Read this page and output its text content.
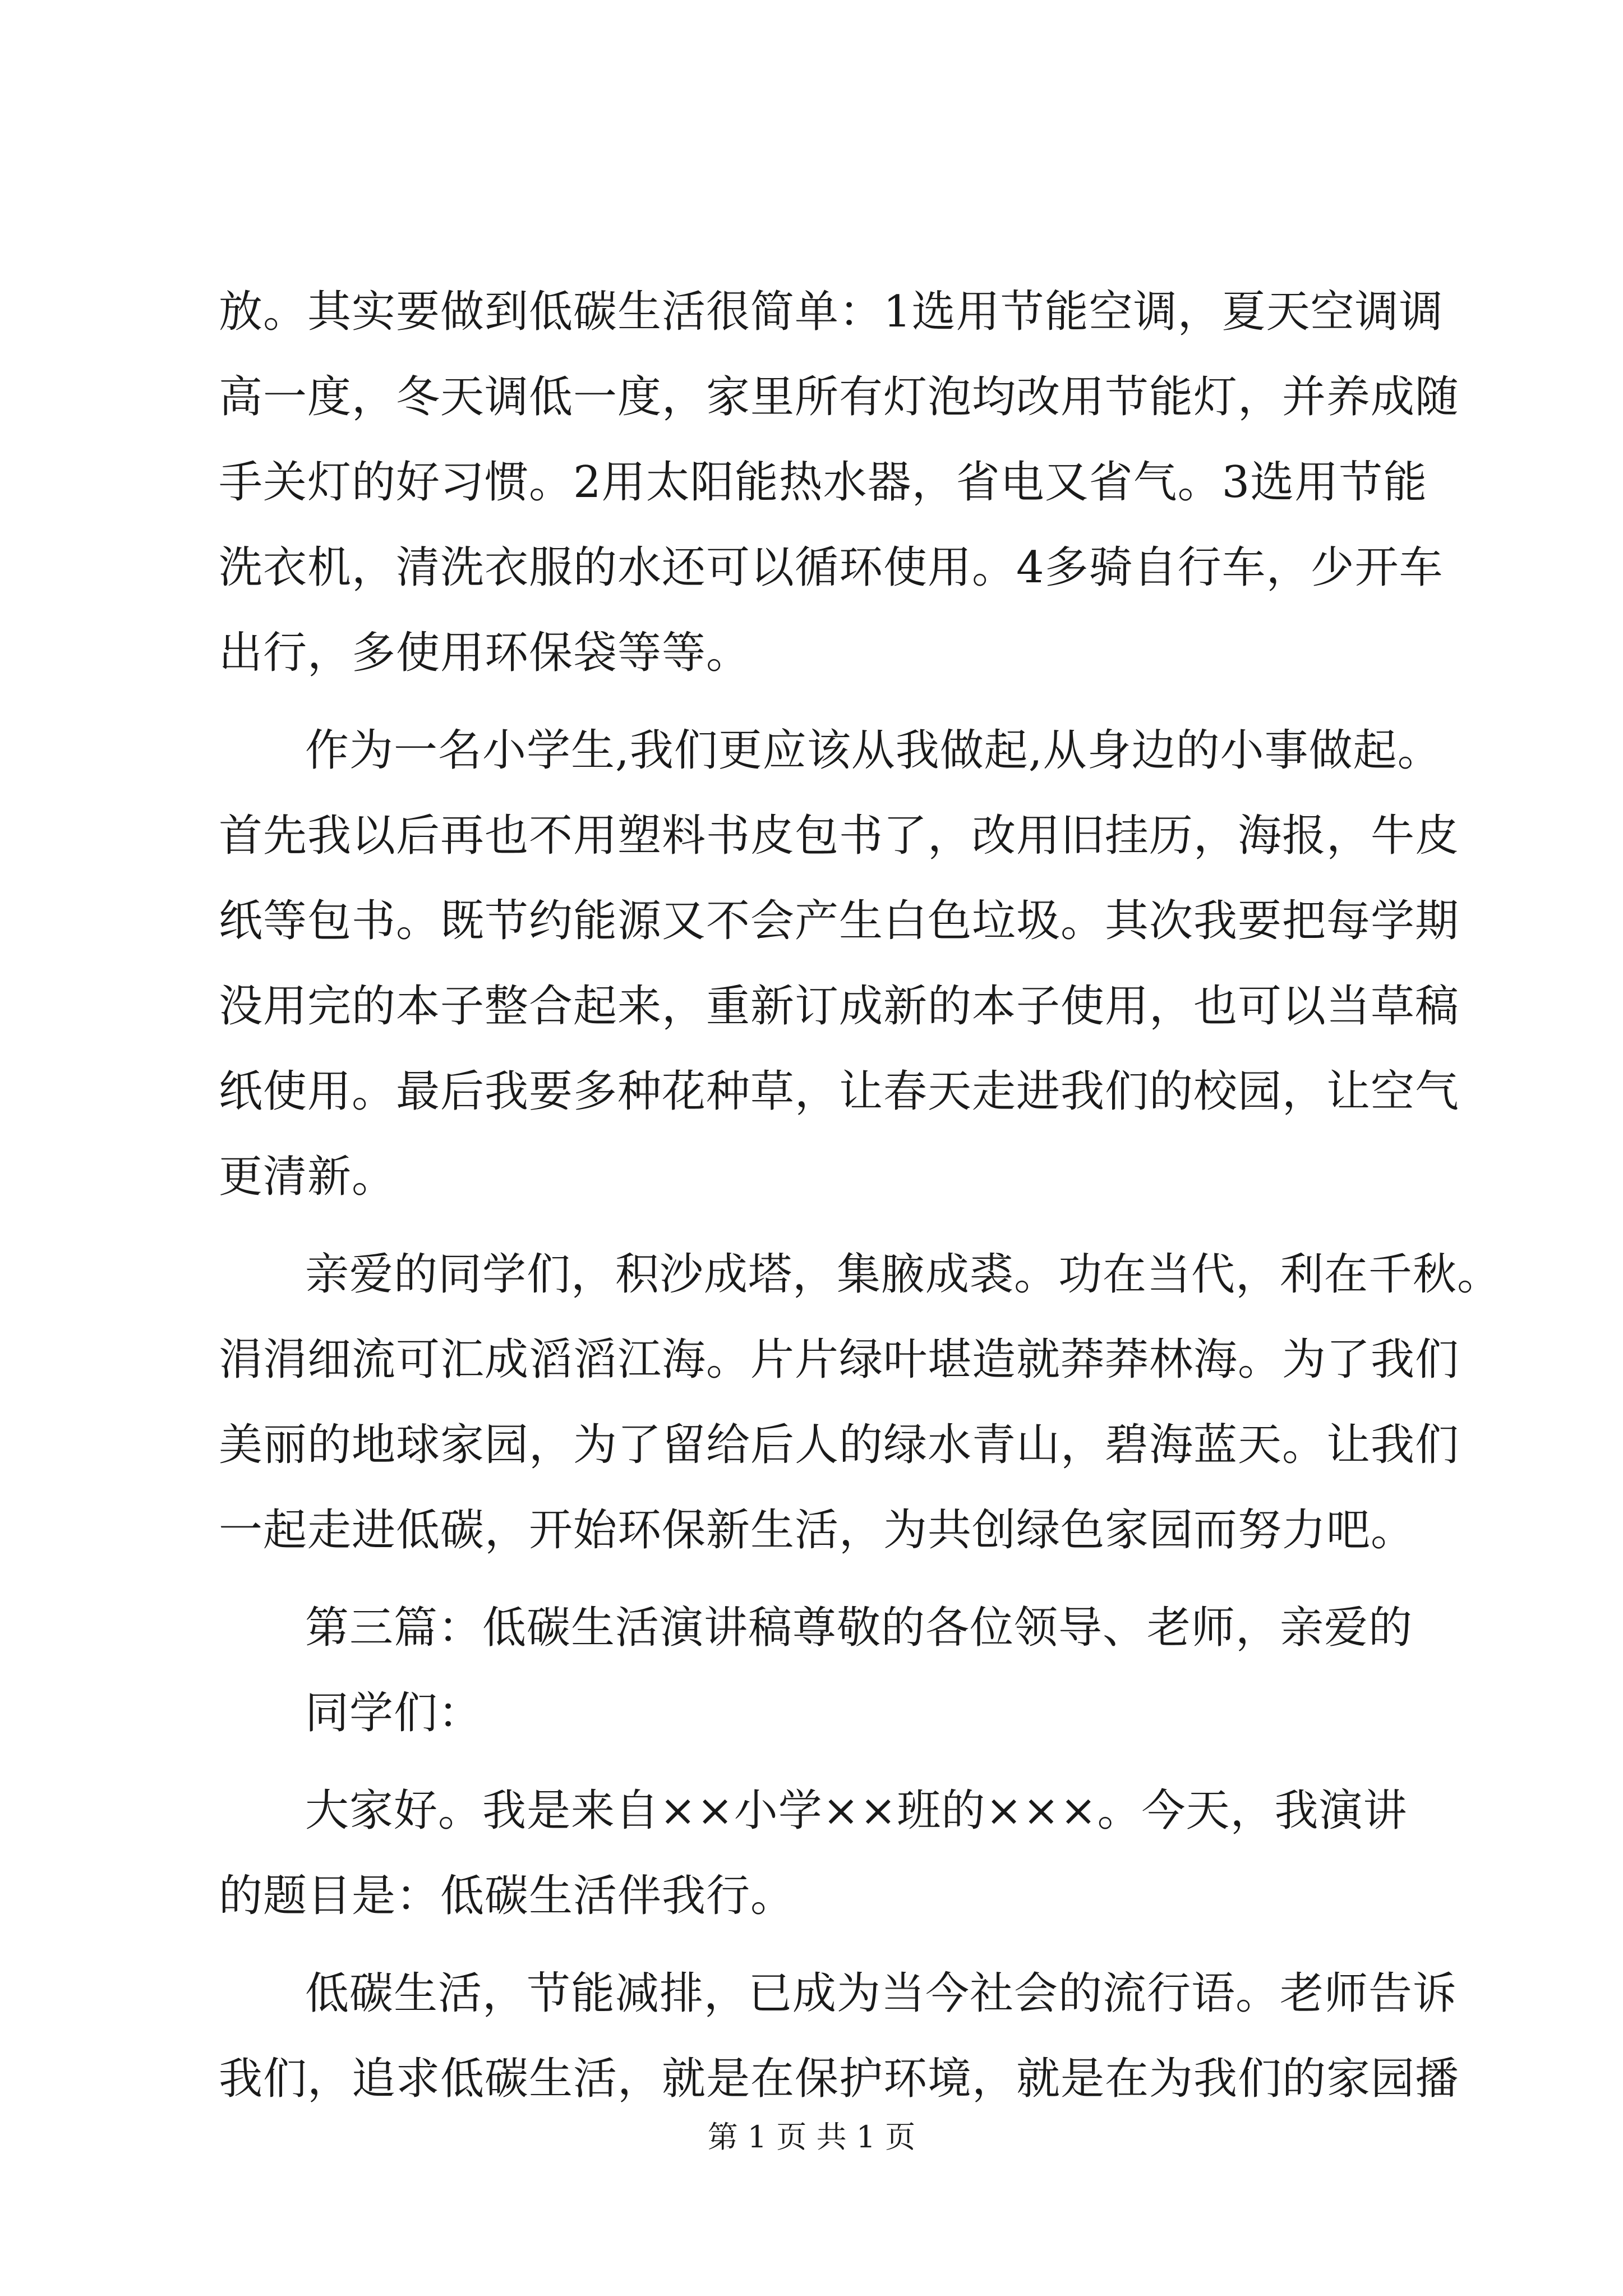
放。其实要做到低碳生活很简单：1选用节能空调，夏天空调调
高一度，冬天调低一度，家里所有灯泡均改用节能灯，并养成随
手关灯的好习惯。2用太阳能热水器，省电又省气。3选用节能
洗衣机，清洗衣服的水还可以循环使用。4多骑自行车，少开车
出行，多使用环保袋等等。
作为一名小学生,我们更应该从我做起,从身边的小事做起。
首先我以后再也不用塑料书皮包书了，改用旧挂历，海报，牛皮
纸等包书。既节约能源又不会产生白色垃圾。其次我要把每学期
没用完的本子整合起来，重新订成新的本子使用，也可以当草稿
纸使用。最后我要多种花种草，让春天走进我们的校园，让空气
更清新。
亲爱的同学们，积沙成塔，集腋成裘。功在当代，利在千秋。
涓涓细流可汇成滔滔江海。片片绿叶堪造就莽莽林海。为了我们
美丽的地球家园，为了留给后人的绿水青山，碧海蓝天。让我们
一起走进低碳，开始环保新生活，为共创绿色家园而努力吧。
第三篇：低碳生活演讲稿尊敬的各位领导、老师，亲爱的
同学们：
大家好。我是来自××小学××班的×××。今天，我演讲
的题目是：低碳生活伴我行。
低碳生活，节能减排，已成为当今社会的流行语。老师告诉
我们，追求低碳生活，就是在保护环境，就是在为我们的家园播
第 1 页 共 1 页
